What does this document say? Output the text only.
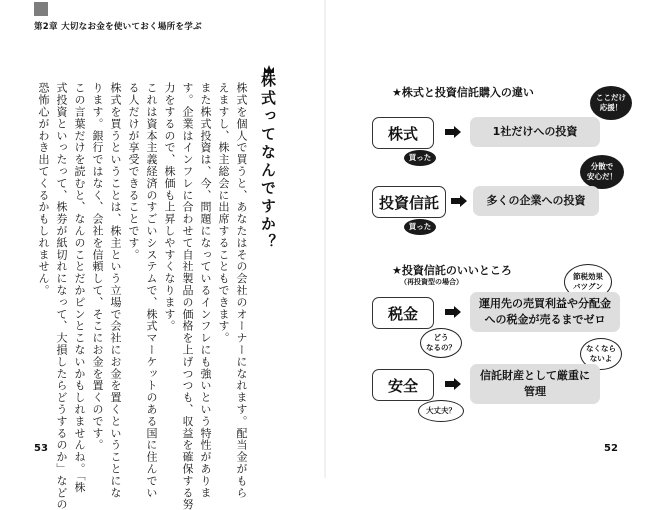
第2章 大切なお金を使いておく場所を学ぶ
株式ってなんですか？
株式を個人で買うと、あなたはその会社のオーナーになれます。配当金がもら
えますし、株主総会に出席することもできます。
また株式投資は、今、問題になっているインフレにも強いという特性がありま
す。企業はインフレに合わせて自社製品の価格を上げつつも、収益を確保する努
力をするので、株価も上昇しやすくなります。
これは資本主義経済のすごいシステムで、株式マーケットのある国に住んでい
る人だけが享受できることです。
株式を買うということは、株主という立場で会社にお金を置くということにな
ります。銀行ではなく、会社を信頼して、そこにお金を置くのです。
この言葉だけを読むと、なんのことだかピンとこないかもしれませんね。「株
式投資といったって、株券が紙切れになって、大損したらどうするのか」などの
恐怖心がわき出てくるかもしれません。
53
★株式と投資信託購入の違い	ここだけ
応援！
株式	1社だけへの投資
買った
分散で
安心だ！
投資信託	多くの企業への投資
買った
★投資信託のいいところ
（再投資型の場合）
節税効果
バツグン
税金
運用先の売買利益や分配金
への税金が売るまでゼロ
どう
なるの？	なくなら
ないよ
安全
信託財産として厳重に
管理
大丈夫？
52
